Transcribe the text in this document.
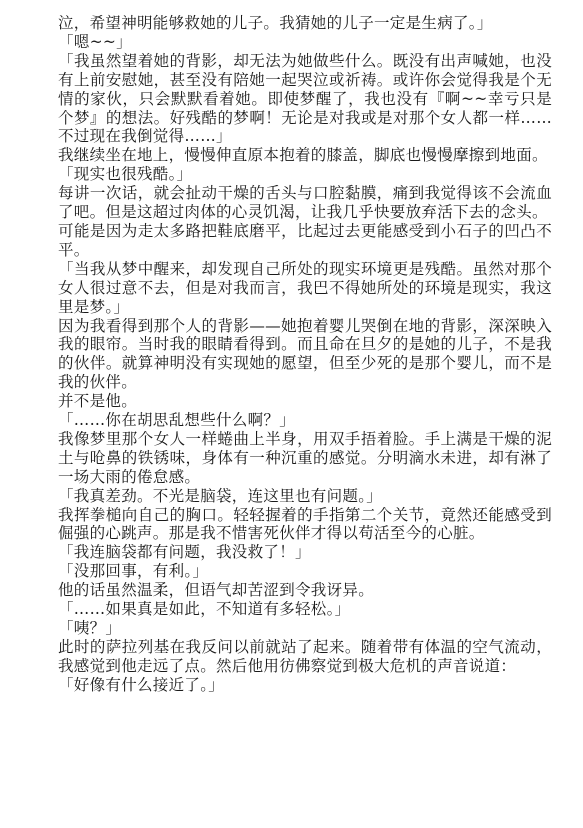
泣，希望神明能够救她的儿子。我猜她的儿子一定是生病了。」

「嗯~~」

「我虽然望着她的背影，却无法为她做些什么。既没有出声喊她，也没有上前安慰她，甚至没有陪她一起哭泣或祈祷。或许你会觉得我是个无情的家伙，只会默默看着她。即使梦醒了，我也没有『啊~~幸亏只是个梦』的想法。好残酷的梦啊！无论是对我或是对那个女人都一样……不过现在我倒觉得……」

我继续坐在地上，慢慢伸直原本抱着的膝盖，脚底也慢慢摩擦到地面。

「现实也很残酷。」

每讲一次话，就会扯动干燥的舌头与口腔黏膜，痛到我觉得该不会流血了吧。但是这超过肉体的心灵饥渴，让我几乎快要放弃活下去的念头。

可能是因为走太多路把鞋底磨平，比起过去更能感受到小石子的凹凸不平。

「当我从梦中醒来，却发现自己所处的现实环境更是残酷。虽然对那个女人很过意不去，但是对我而言，我巴不得她所处的环境是现实，我这里是梦。」

因为我看得到那个人的背影——她抱着婴儿哭倒在地的背影，深深映入我的眼帘。当时我的眼睛看得到。而且命在旦夕的是她的儿子，不是我的伙伴。就算神明没有实现她的愿望，但至少死的是那个婴儿，而不是我的伙伴。

并不是他。

「……你在胡思乱想些什么啊？」

我像梦里那个女人一样蜷曲上半身，用双手捂着脸。手上满是干燥的泥土与呛鼻的铁锈味，身体有一种沉重的感觉。分明滴水未进，却有淋了一场大雨的倦怠感。

「我真差劲。不光是脑袋，连这里也有问题。」

我挥拳槌向自己的胸口。轻轻握着的手指第二个关节，竟然还能感受到倔强的心跳声。那是我不惜害死伙伴才得以苟活至今的心脏。

「我连脑袋都有问题，我没救了！」

「没那回事，有利。」

他的话虽然温柔，但语气却苦涩到令我讶异。

「……如果真是如此，不知道有多轻松。」

「咦？」

此时的萨拉列基在我反问以前就站了起来。随着带有体温的空气流动，我感觉到他走远了点。然后他用彷佛察觉到极大危机的声音说道：

「好像有什么接近了。」
